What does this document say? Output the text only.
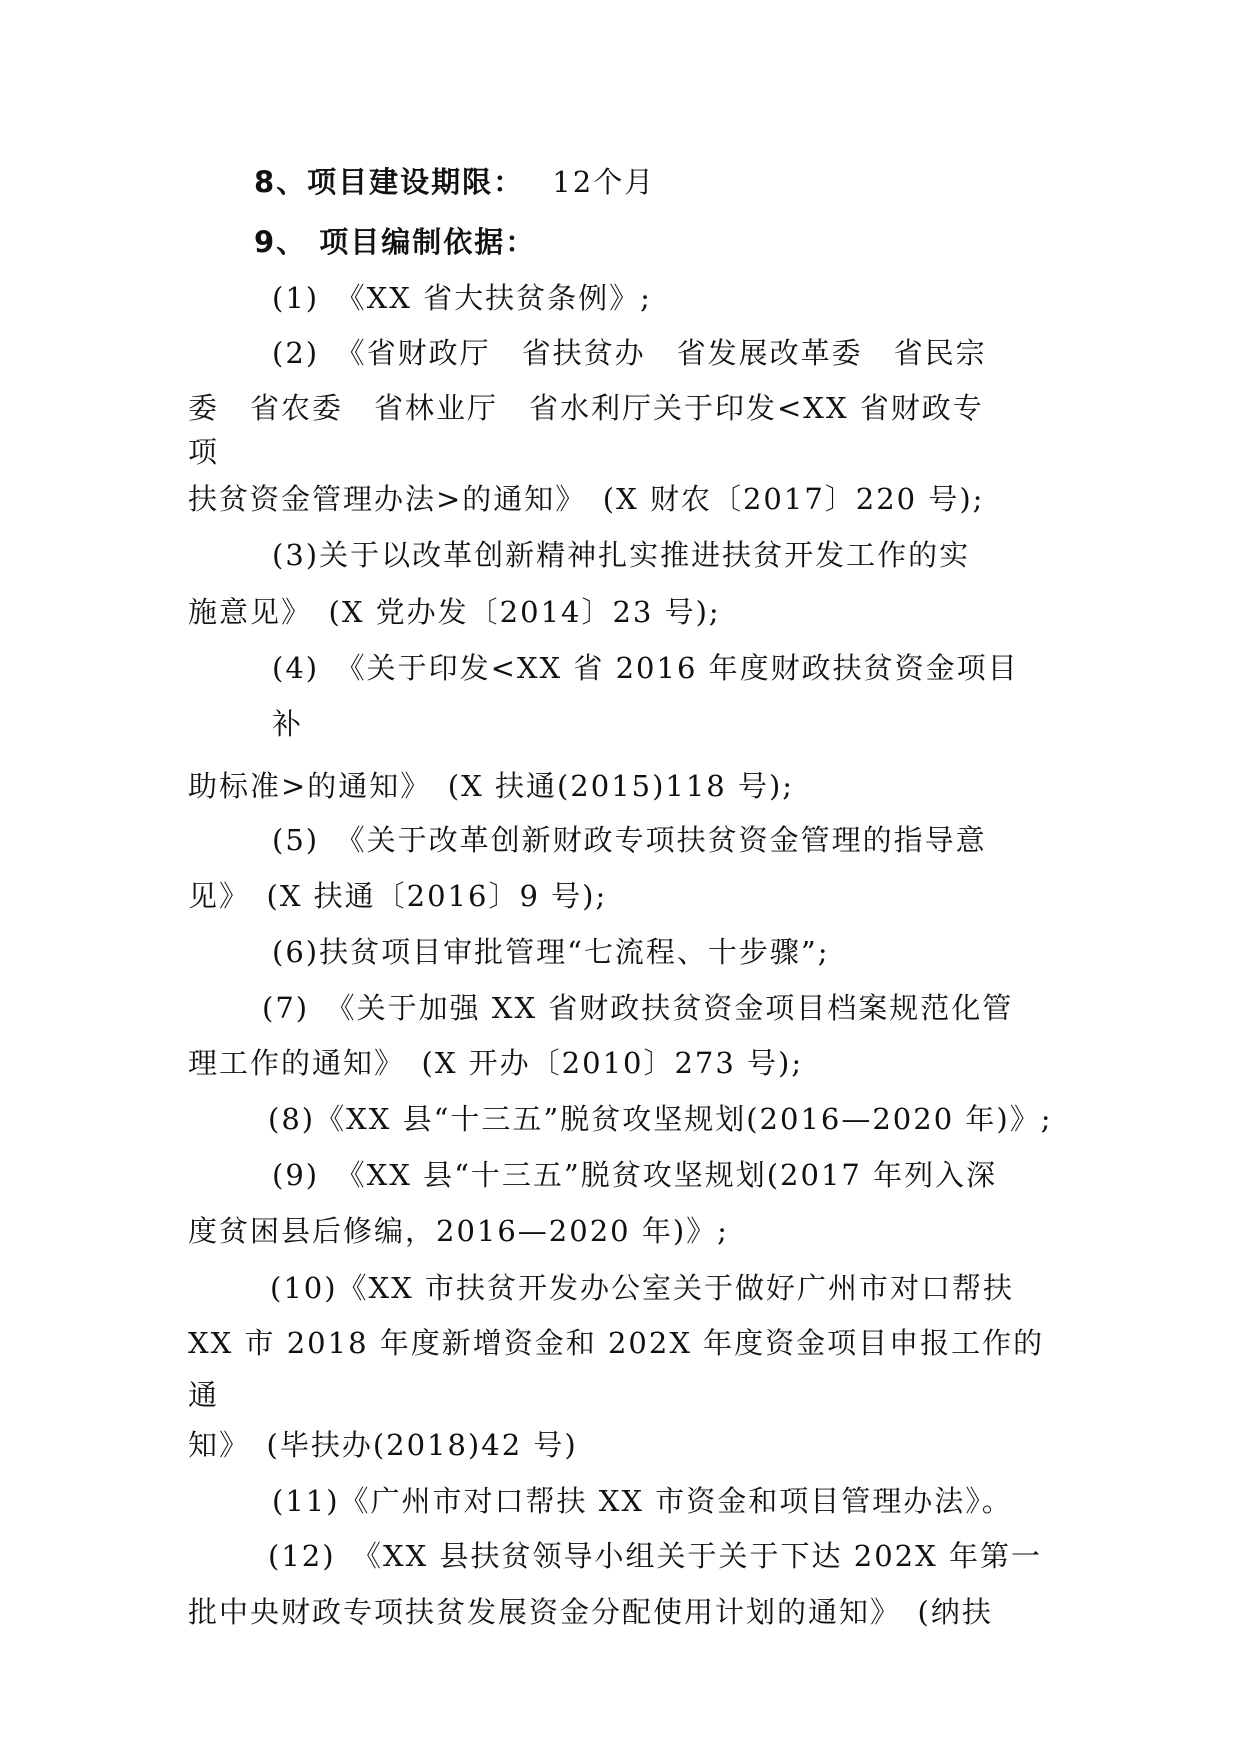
8、项目建设期限： 12个月
9、 项目编制依据：
(1)　《XX 省大扶贫条例》;
(2)　《省财政厅　省扶贫办　省发展改革委　省民宗
委　省农委　省林业厅　省水利厅关于印发<XX 省财政专
项
扶贫资金管理办法>的通知》　(X 财农〔2017〕220 号);
(3)关于以改革创新精神扎实推进扶贫开发工作的实
施意见》　(X 党办发〔2014〕23 号);
(4)　《关于印发<XX 省 2016 年度财政扶贫资金项目
补
助标准>的通知》　(X 扶通(2015)118 号);
(5)　《关于改革创新财政专项扶贫资金管理的指导意
见》　(X 扶通〔2016〕9 号);
(6)扶贫项目审批管理“七流程、十步骤”;
(7)　《关于加强 XX 省财政扶贫资金项目档案规范化管
理工作的通知》　(X 开办〔2010〕273 号);
(8)《XX 县“十三五”脱贫攻坚规划(2016—2020 年)》;
(9)　《XX 县“十三五”脱贫攻坚规划(2017 年列入深
度贫困县后修编，2016—2020 年)》;
(10)《XX 市扶贫开发办公室关于做好广州市对口帮扶
XX 市 2018 年度新增资金和 202X 年度资金项目申报工作的
通
知》　(毕扶办(2018)42 号)
(11)《广州市对口帮扶 XX 市资金和项目管理办法》。
(12)　《XX 县扶贫领导小组关于关于下达 202X 年第一
批中央财政专项扶贫发展资金分配使用计划的通知》　(纳扶
